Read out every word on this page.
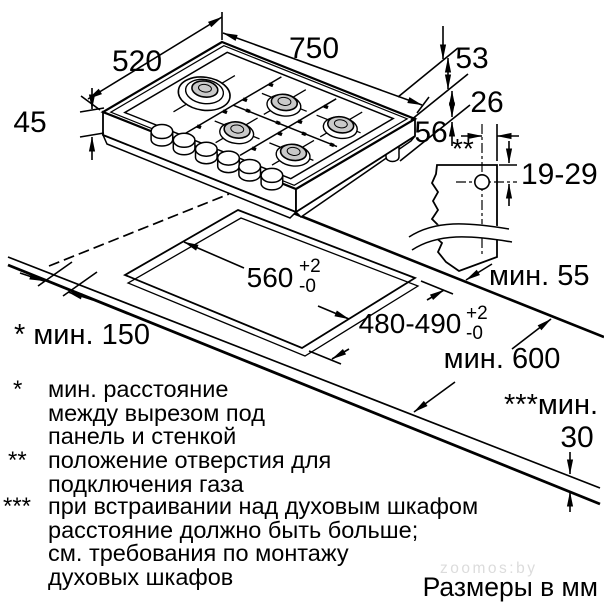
750
520
45
53
56
26
**
19-29
мин. 55
560 +2
-0
480-490 +2
-0
* мин. 150
мин. 600
***мин.
30
* мин. расстояние
между вырезом под
панель и стенкой
** положение отверстия для
подключения газа
*** при встраивании над духовым шкафом
расстояние должно быть больше;
см. требования по монтажу
духовых шкафов	zoomos:by
Размеры в мм
